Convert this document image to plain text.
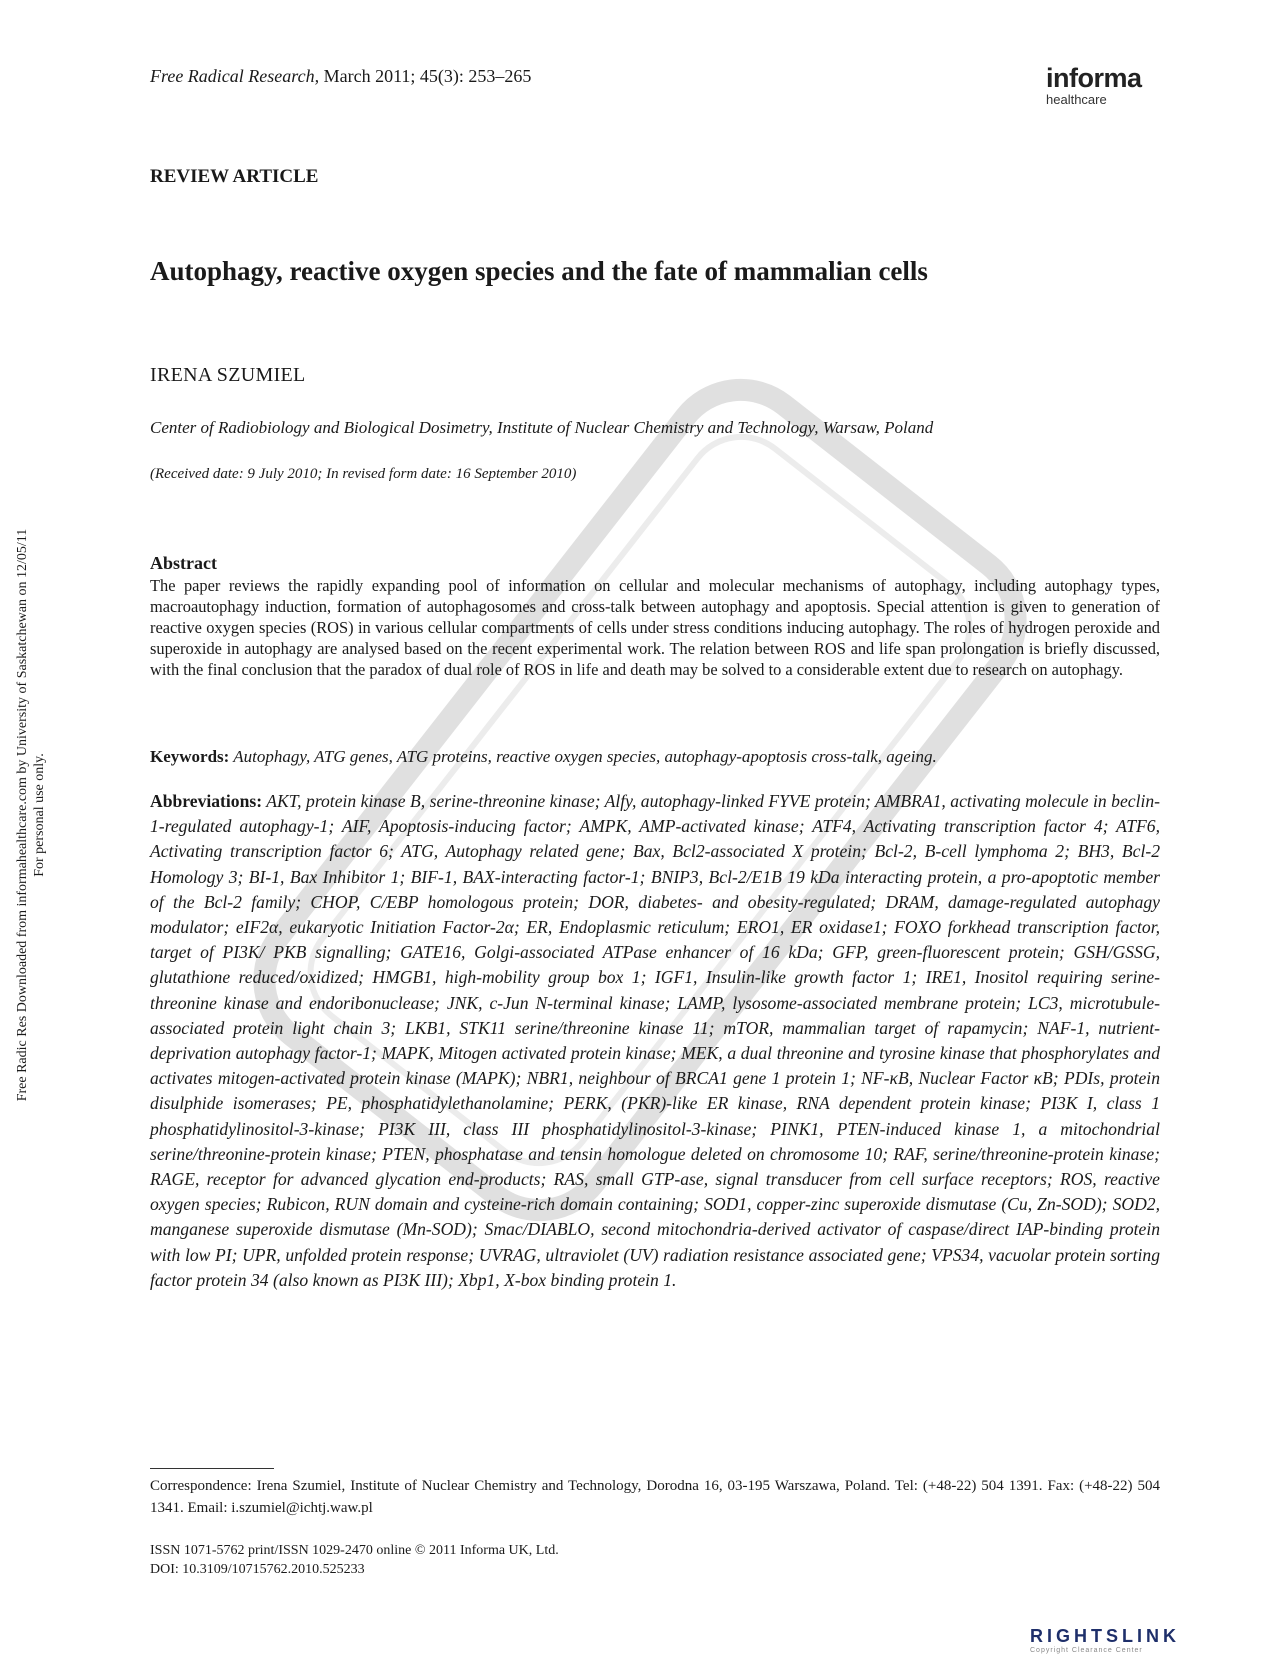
Free Radical Research, March 2011; 45(3): 253–265	informa
healthcare
REVIEW ARTICLE
Autophagy, reactive oxygen species and the fate of mammalian cells
IRENA SZUMIEL
Center of Radiobiology and Biological Dosimetry, Institute of Nuclear Chemistry and Technology, Warsaw, Poland
(Received date: 9 July 2010; In revised form date: 16 September 2010)
Abstract
The paper reviews the rapidly expanding pool of information on cellular and molecular mechanisms of autophagy, including autophagy types, macroautophagy induction, formation of autophagosomes and cross-talk between autophagy and apoptosis. Special attention is given to generation of reactive oxygen species (ROS) in various cellular compartments of cells under stress conditions inducing autophagy. The roles of hydrogen peroxide and superoxide in autophagy are analysed based on the recent experimental work. The relation between ROS and life span prolongation is briefly discussed, with the final conclusion that the paradox of dual role of ROS in life and death may be solved to a considerable extent due to research on autophagy.
Keywords: Autophagy, ATG genes, ATG proteins, reactive oxygen species, autophagy-apoptosis cross-talk, ageing.
Abbreviations: AKT, protein kinase B, serine-threonine kinase; Alfy, autophagy-linked FYVE protein; AMBRA1, activating molecule in beclin-1-regulated autophagy-1; AIF, Apoptosis-inducing factor; AMPK, AMP-activated kinase; ATF4, Activating transcription factor 4; ATF6, Activating transcription factor 6; ATG, Autophagy related gene; Bax, Bcl2-associated X protein; Bcl-2, B-cell lymphoma 2; BH3, Bcl-2 Homology 3; BI-1, Bax Inhibitor 1; BIF-1, BAX-interacting factor-1; BNIP3, Bcl-2/E1B 19 kDa interacting protein, a pro-apoptotic member of the Bcl-2 family; CHOP, C/EBP homologous protein; DOR, diabetes- and obesity-regulated; DRAM, damage-regulated autophagy modulator; eIF2α, eukaryotic Initiation Factor-2α; ER, Endoplasmic reticulum; ERO1, ER oxidase1; FOXO forkhead transcription factor, target of PI3K/ PKB signalling; GATE16, Golgi-associated ATPase enhancer of 16 kDa; GFP, green-fluorescent protein; GSH/GSSG, glutathione reduced/oxidized; HMGB1, high-mobility group box 1; IGF1, Insulin-like growth factor 1; IRE1, Inositol requiring serine-threonine kinase and endoribonuclease; JNK, c-Jun N-terminal kinase; LAMP, lysosome-associated membrane protein; LC3, microtubule-associated protein light chain 3; LKB1, STK11 serine/threonine kinase 11; mTOR, mammalian target of rapamycin; NAF-1, nutrient-deprivation autophagy factor-1; MAPK, Mitogen activated protein kinase; MEK, a dual threonine and tyrosine kinase that phosphorylates and activates mitogen-activated protein kinase (MAPK); NBR1, neighbour of BRCA1 gene 1 protein 1; NF-κB, Nuclear Factor κB; PDIs, protein disulphide isomerases; PE, phosphatidylethanolamine; PERK, (PKR)-like ER kinase, RNA dependent protein kinase; PI3K I, class 1 phosphatidylinositol-3-kinase; PI3K III, class III phosphatidylinositol-3-kinase; PINK1, PTEN-induced kinase 1, a mitochondrial serine/threonine-protein kinase; PTEN, phosphatase and tensin homologue deleted on chromosome 10; RAF, serine/threonine-protein kinase; RAGE, receptor for advanced glycation end-products; RAS, small GTP-ase, signal transducer from cell surface receptors; ROS, reactive oxygen species; Rubicon, RUN domain and cysteine-rich domain containing; SOD1, copper-zinc superoxide dismutase (Cu, Zn-SOD); SOD2, manganese superoxide dismutase (Mn-SOD); Smac/DIABLO, second mitochondria-derived activator of caspase/direct IAP-binding protein with low PI; UPR, unfolded protein response; UVRAG, ultraviolet (UV) radiation resistance associated gene; VPS34, vacuolar protein sorting factor protein 34 (also known as PI3K III); Xbp1, X-box binding protein 1.
Correspondence: Irena Szumiel, Institute of Nuclear Chemistry and Technology, Dorodna 16, 03-195 Warszawa, Poland. Tel: (+48-22) 504 1391. Fax: (+48-22) 504 1341. Email: i.szumiel@ichtj.waw.pl
ISSN 1071-5762 print/ISSN 1029-2470 online © 2011 Informa UK, Ltd.
DOI: 10.3109/10715762.2010.525233
Free Radic Res Downloaded from informahealthcare.com by University of Saskatchewan on 12/05/11 For personal use only.
RIGHTSLINK
Copyright Clearance Center
